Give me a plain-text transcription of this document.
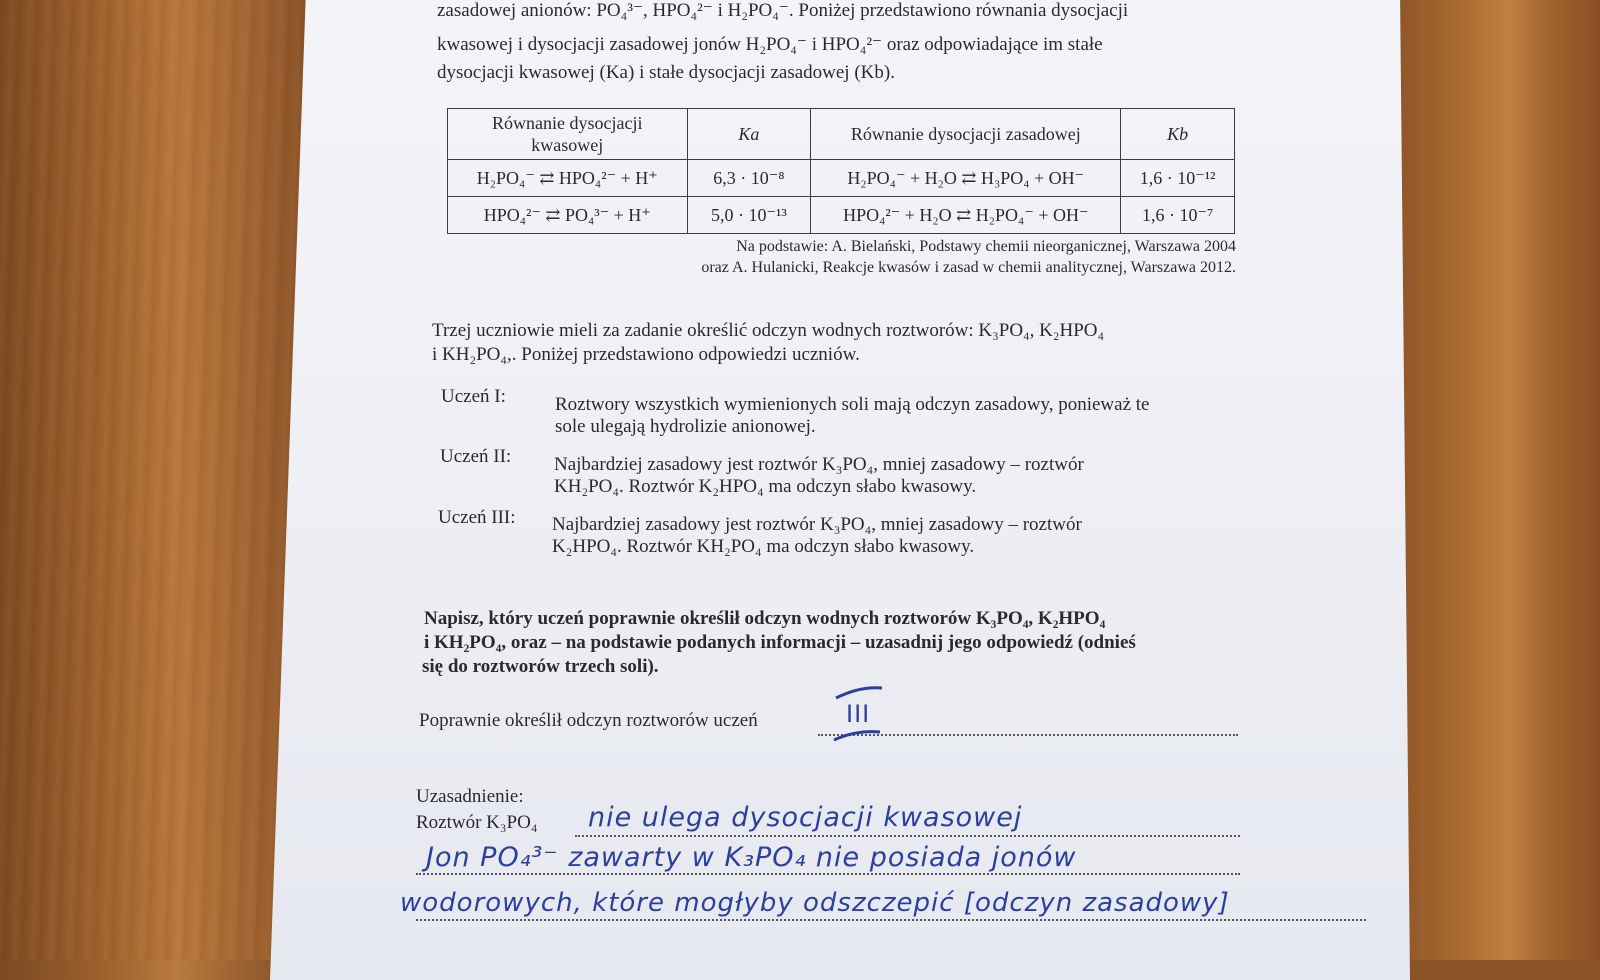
zasadowej anionów: PO₄³⁻, HPO₄²⁻ i H₂PO₄⁻. Poniżej przedstawiono równania dysocjacji
kwasowej i dysocjacji zasadowej jonów H₂PO₄⁻ i HPO₄²⁻ oraz odpowiadające im stałe
dysocjacji kwasowej (Ka) i stałe dysocjacji zasadowej (Kb).
Równanie dysocjacji kwasowej	Ka	Równanie dysocjacji zasadowej	Kb
H₂PO₄⁻ ⇄ HPO₄²⁻ + H⁺	6,3 · 10⁻⁸	H₂PO₄⁻ + H₂O ⇄ H₃PO₄ + OH⁻	1,6 · 10⁻¹²
HPO₄²⁻ ⇄ PO₄³⁻ + H⁺	5,0 · 10⁻¹³	HPO₄²⁻ + H₂O ⇄ H₂PO₄⁻ + OH⁻	1,6 · 10⁻⁷
Na podstawie: A. Bielański, Podstawy chemii nieorganicznej, Warszawa 2004
oraz A. Hulanicki, Reakcje kwasów i zasad w chemii analitycznej, Warszawa 2012.
Trzej uczniowie mieli za zadanie określić odczyn wodnych roztworów: K₃PO₄, K₂HPO₄
i KH₂PO₄,. Poniżej przedstawiono odpowiedzi uczniów.
Uczeń I:	Roztwory wszystkich wymienionych soli mają odczyn zasadowy, ponieważ te
sole ulegają hydrolizie anionowej.
Uczeń II: Najbardziej zasadowy jest roztwór K₃PO₄, mniej zasadowy – roztwór
KH₂PO₄. Roztwór K₂HPO₄ ma odczyn słabo kwasowy.
Uczeń III: Najbardziej zasadowy jest roztwór K₃PO₄, mniej zasadowy – roztwór
K₂HPO₄. Roztwór KH₂PO₄ ma odczyn słabo kwasowy.
Napisz, który uczeń poprawnie określił odczyn wodnych roztworów K₃PO₄, K₂HPO₄
i KH₂PO₄, oraz – na podstawie podanych informacji – uzasadnij jego odpowiedź (odnieś
się do roztworów trzech soli).
Poprawnie określił odczyn roztworów uczeń	III
Uzasadnienie:
Roztwór K₃PO₄ nie ulega dysocjacji kwasowej
Jon PO₄³⁻ zawarty w K₃PO₄ nie posiada jonów
wodorowych, które mogłyby odszczepić [odczyn zasadowy]
